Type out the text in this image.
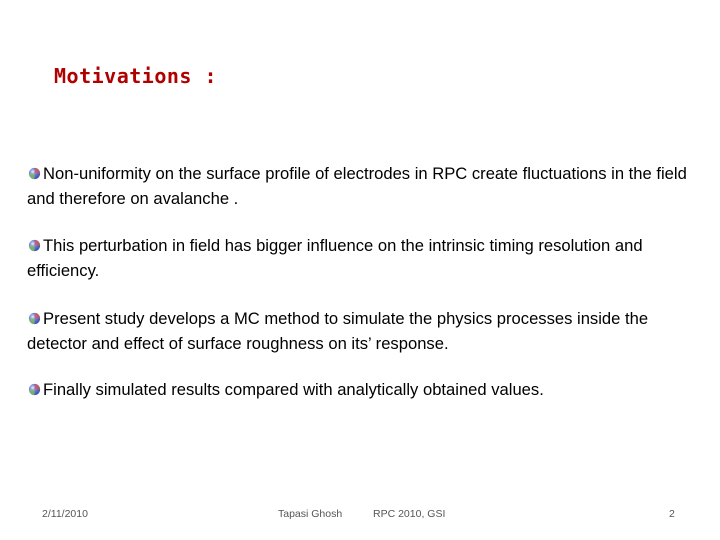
Motivations :
Non-uniformity on the surface profile of electrodes in RPC create fluctuations in the field and therefore on avalanche .
This perturbation in field has bigger influence on the intrinsic timing resolution and efficiency.
Present study develops a MC method to simulate the physics processes inside the detector and effect of surface roughness on its’ response.
Finally simulated results compared with analytically obtained values.
2/11/2010	Tapasi Ghosh	RPC 2010, GSI	2
